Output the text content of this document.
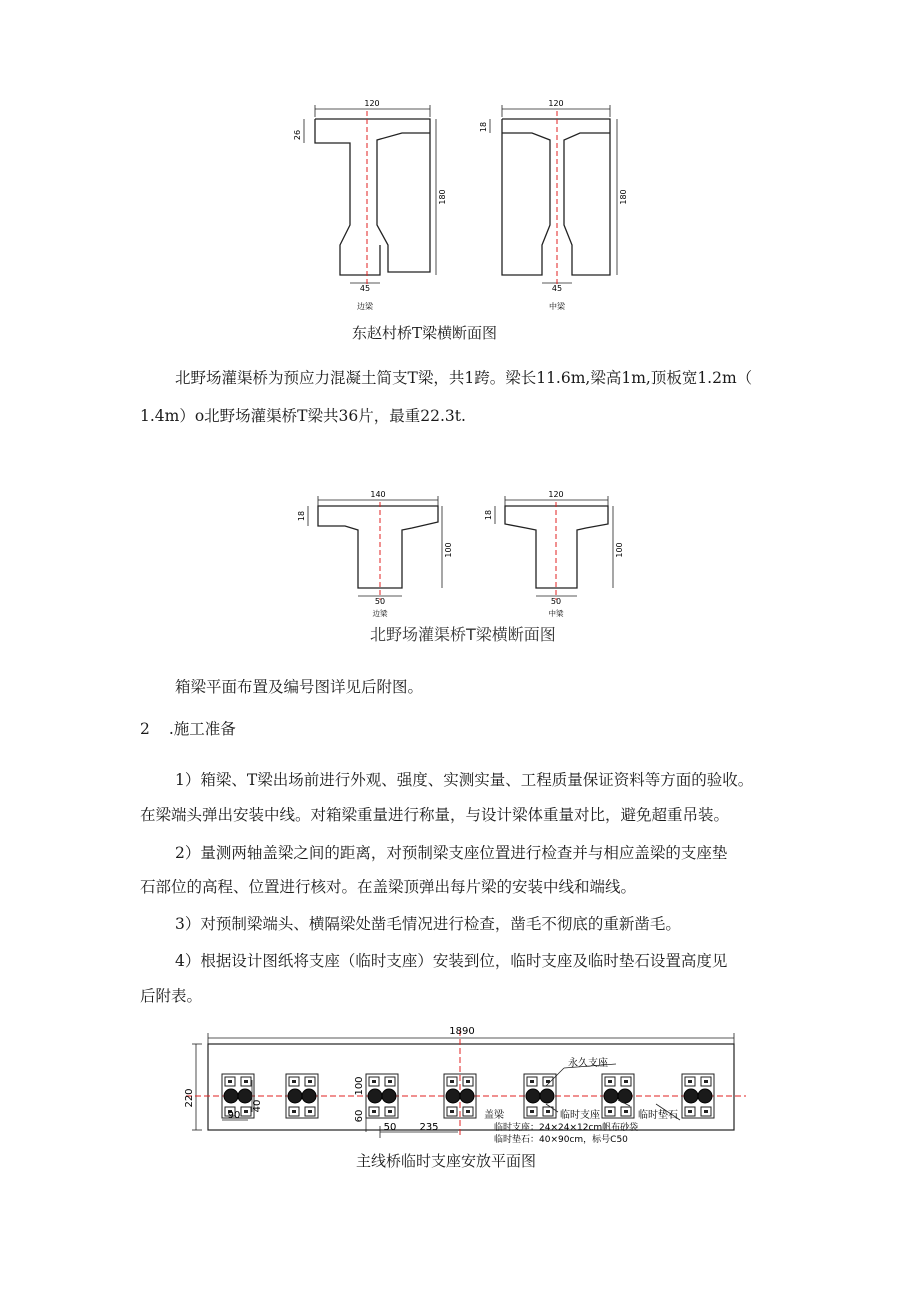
120
26
180
45
边梁
120
18
180
45
中梁
东赵村桥T梁横断面图
北野场灌渠桥为预应力混凝土简支T梁，共1跨。梁长11.6m,梁高1m,顶板宽1.2m（
1.4m）o北野场灌渠桥T梁共36片，最重22.3t.
140
18
100
50
边梁
120
18
100
50
中梁
北野场灌渠桥T梁横断面图
箱梁平面布置及编号图详见后附图。
2 .施工准备
1）箱梁、T梁出场前进行外观、强度、实测实量、工程质量保证资料等方面的验收。
在梁端头弹出安装中线。对箱梁重量进行称量，与设计梁体重量对比，避免超重吊装。
2）量测两轴盖梁之间的距离，对预制梁支座位置进行检查并与相应盖梁的支座垫
石部位的高程、位置进行核对。在盖梁顶弹出每片梁的安装中线和端线。
3）对预制梁端头、横隔梁处凿毛情况进行检查，凿毛不彻底的重新凿毛。
4）根据设计图纸将支座（临时支座）安装到位，临时支座及临时垫石设置高度见
后附表。
1890
220
90
40
100
60
50 235
永久支座
盖梁	临时支座	临时垫石
临时支座：24×24×12cm帆布砂袋
临时垫石：40×90cm，标号C50
主线桥临时支座安放平面图
